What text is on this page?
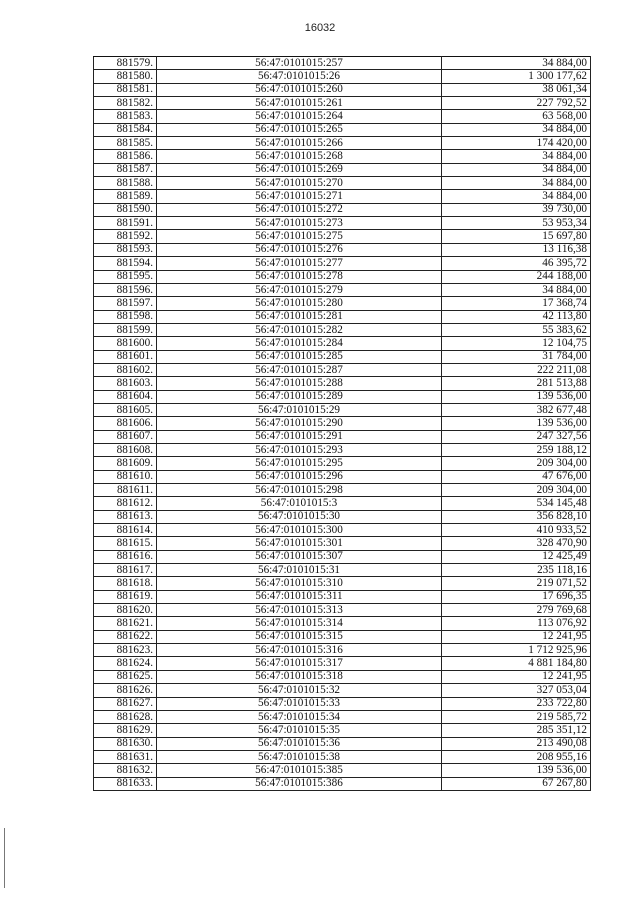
16032
881579.	56:47:0101015:257	34 884,00
881580.	56:47:0101015:26	1 300 177,62
881581.	56:47:0101015:260	38 061,34
881582.	56:47:0101015:261	227 792,52
881583.	56:47:0101015:264	63 568,00
881584.	56:47:0101015:265	34 884,00
881585.	56:47:0101015:266	174 420,00
881586.	56:47:0101015:268	34 884,00
881587.	56:47:0101015:269	34 884,00
881588.	56:47:0101015:270	34 884,00
881589.	56:47:0101015:271	34 884,00
881590.	56:47:0101015:272	39 730,00
881591.	56:47:0101015:273	53 953,34
881592.	56:47:0101015:275	15 697,80
881593.	56:47:0101015:276	13 116,38
881594.	56:47:0101015:277	46 395,72
881595.	56:47:0101015:278	244 188,00
881596.	56:47:0101015:279	34 884,00
881597.	56:47:0101015:280	17 368,74
881598.	56:47:0101015:281	42 113,80
881599.	56:47:0101015:282	55 383,62
881600.	56:47:0101015:284	12 104,75
881601.	56:47:0101015:285	31 784,00
881602.	56:47:0101015:287	222 211,08
881603.	56:47:0101015:288	281 513,88
881604.	56:47:0101015:289	139 536,00
881605.	56:47:0101015:29	382 677,48
881606.	56:47:0101015:290	139 536,00
881607.	56:47:0101015:291	247 327,56
881608.	56:47:0101015:293	259 188,12
881609.	56:47:0101015:295	209 304,00
881610.	56:47:0101015:296	47 676,00
881611.	56:47:0101015:298	209 304,00
881612.	56:47:0101015:3	534 145,48
881613.	56:47:0101015:30	356 828,10
881614.	56:47:0101015:300	410 933,52
881615.	56:47:0101015:301	328 470,90
881616.	56:47:0101015:307	12 425,49
881617.	56:47:0101015:31	235 118,16
881618.	56:47:0101015:310	219 071,52
881619.	56:47:0101015:311	17 696,35
881620.	56:47:0101015:313	279 769,68
881621.	56:47:0101015:314	113 076,92
881622.	56:47:0101015:315	12 241,95
881623.	56:47:0101015:316	1 712 925,96
881624.	56:47:0101015:317	4 881 184,80
881625.	56:47:0101015:318	12 241,95
881626.	56:47:0101015:32	327 053,04
881627.	56:47:0101015:33	233 722,80
881628.	56:47:0101015:34	219 585,72
881629.	56:47:0101015:35	285 351,12
881630.	56:47:0101015:36	213 490,08
881631.	56:47:0101015:38	208 955,16
881632.	56:47:0101015:385	139 536,00
881633.	56:47:0101015:386	67 267,80
